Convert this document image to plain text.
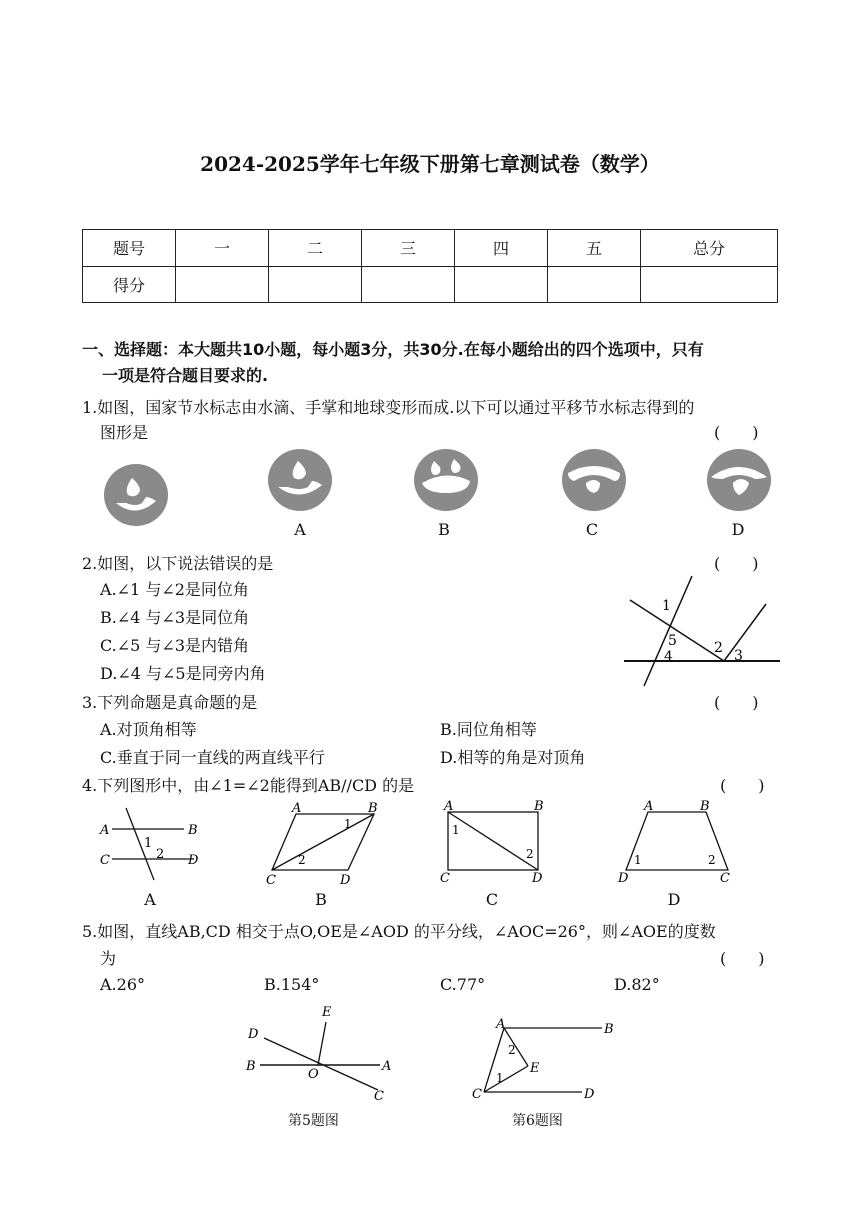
2024-2025学年七年级下册第七章测试卷（数学）
题号	一	二	三	四	五	总分
得分						
一、选择题：本大题共10小题，每小题3分，共30分.在每小题给出的四个选项中，只有
一项是符合题目要求的.
1.如图，国家节水标志由水滴、手掌和地球变形而成.以下可以通过平移节水标志得到的
图形是	(　　)
A	B	C	D
2.如图，以下说法错误的是	(　　)
A.∠1 与∠2是同位角
B.∠4 与∠3是同位角
C.∠5 与∠3是内错角
D.∠4 与∠5是同旁内角
1
5
4
2 3
3.下列命题是真命题的是	(　　)
A.对顶角相等	B.同位角相等
C.垂直于同一直线的两直线平行	D.相等的角是对顶角
4.下列图形中，由∠1=∠2能得到AB//CD 的是	(　　)
A	B
C	D
1
2
A	B
C	D
1
2
A	B
C	D
1
2
A	B
C
D
1	2
A	B	C	D
5.如图，直线AB,CD 相交于点O,OE是∠AOD 的平分线，∠AOC=26°，则∠AOE的度数
为	(　　)
A.26°	B.154°	C.77°	D.82°
D
E
B
O
A
C
A	B
2
E
1
C	D
第5题图	第6题图
